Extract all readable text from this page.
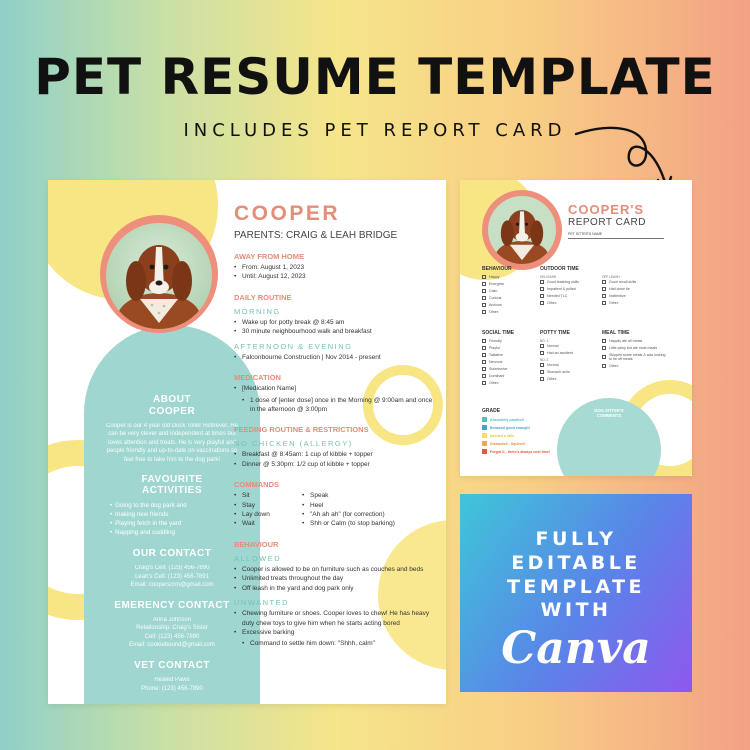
PET RESUME TEMPLATE
INCLUDES PET REPORT CARD
ABOUT
COOPER

Cooper is our 4 year old Duck Toller Retriever. He can be very clever and independent at times but loves attention and treats. He is very playful and people friendly and up-to-date on vaccinations so feel free to take him to the dog park!

FAVOURITE
ACTIVITIES
• Going to the dog park and
• making new friends
• Playing fetch in the yard
• Napping and cuddling
OUR CONTACT

Craig's Cell: (123) 456-7890
Leah's Cell: (123) 456-7891
Email: cooperscrm@gmail.com

EMERENCY CONTACT

Anna Johnson
Relationship: Craig's Sister
Cell: (123) 456-7890
Email: cookiebound@gmail.com

VET CONTACT

Healed Paws
Phone: (123) 456-7890

COOPER
PARENTS: CRAIG & LEAH BRIDGE
AWAY FROM HOME
• From: August 1, 2023
• Until: August 12, 2023
DAILY ROUTINE
MORNING
• Wake up for potty break @ 8:45 am
• 30 minute neighbourhood walk and breakfast
AFTERNOON & EVENING
• Falconbourne Construction | Nov 2014 - present
MEDICATION
• [Medication Name]
• 1 dose of [enter dose] once in the Morning @ 9:00am and once in the afternoon @ 3:00pm
FEEDING ROUTINE & RESTRICTIONS
NO CHICKEN (ALLERGY)
• Breakfast @ 8:45am: 1 cup of kibble + topper
• Dinner @ 5:30pm: 1/2 cup of kibble + topper
COMMANDS
• Sit
• Stay
• Lay down
• Wait
• Speak
• Heel
• "Ah ah ah" (for correction)
• Shh or Calm (to stop barking)
BEHAVIOUR
ALLOWED
• Cooper is allowed to be on furniture such as couches and beds
• Unlimited treats throughout the day
• Off leash in the yard and dog park only
UNWANTED
• Chewing furniture or shoes. Cooper loves to chew! He has heavy duty chew toys to give him when he starts acting bored
• Excessive barking
• Command to settle him down: "Shhh, calm"
DOG SITTER'S COMMENTS
COOPER'S
REPORT CARD
PET SITTER'S NAME
BEHAVIOUR
Happy
Energetic
Calm
Curious
Anxious
Other:
OUTDOOR TIME
ON LEASH
Good leashing skills
Impatient & pulled
Needed TLC
Other:
OFF LEASH
Good recall skills
Had close tie
Inattentive
Other:
SOCIAL TIME
Friendly
Playful
Talkative
Nervous
Submissive
Dominant
Other:
POTTY TIME
NO. 1
Normal
Had an accident
NO. 2
Normal
Stomach ache
Other:
MEAL TIME
Happily ate all meals
Little picky but ate most meals
Skipped some meals & was looking to be off meals
Other:
GRADE
Absolutely pawfect!
Behaved good enough!
Needed a little
Distracted - Squirrel!
Forgot it - there's always next time!
FULLY
EDITABLE
TEMPLATE
WITH
Canva
